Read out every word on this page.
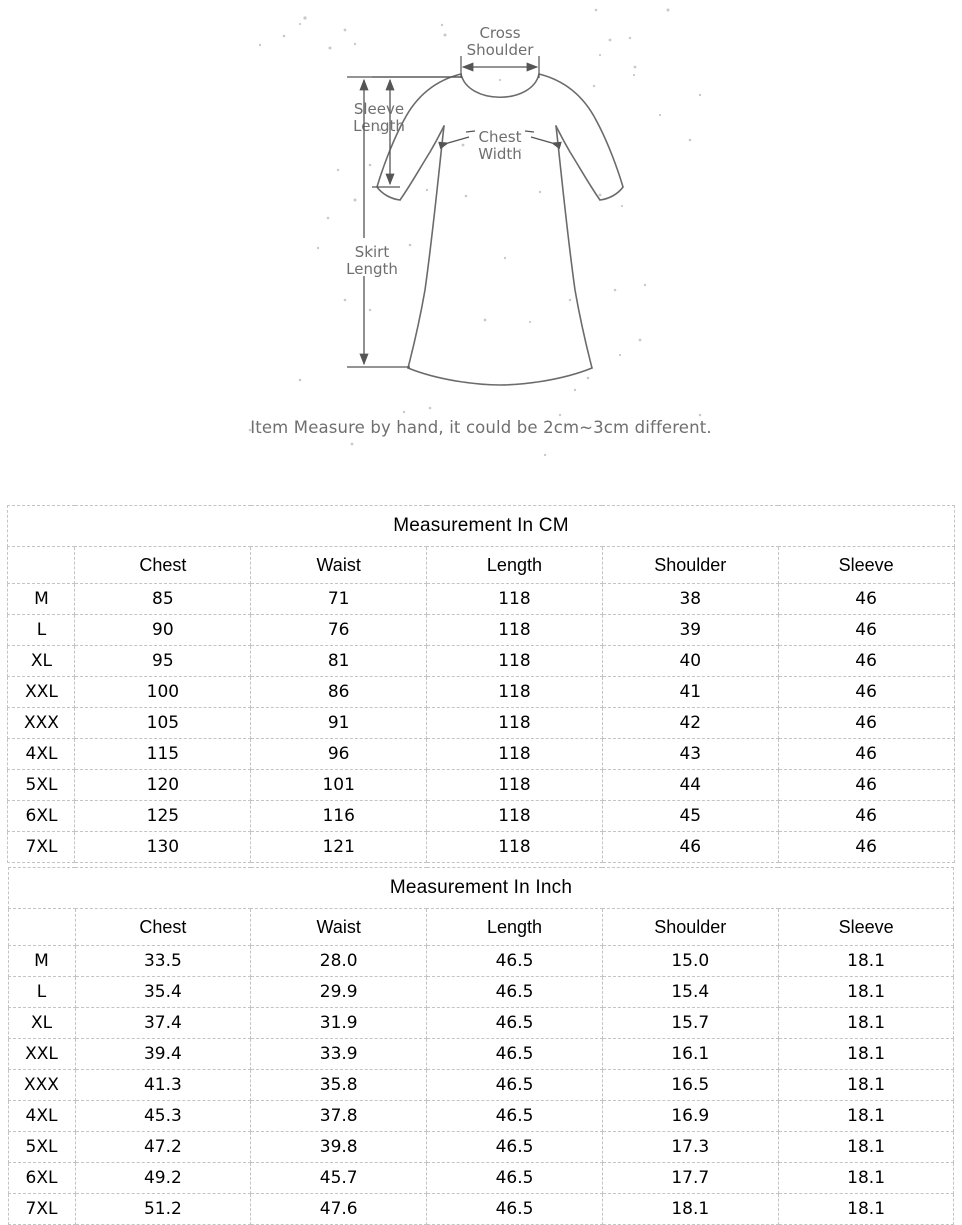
Cross
Shoulder
Sleeve
Length
Chest
Width
Skirt
Length
Item Measure by hand, it could be 2cm~3cm different.
Measurement In CM					
	Chest	Waist	Length	Shoulder	Sleeve
M	85	71	118	38	46
L	90	76	118	39	46
XL	95	81	118	40	46
XXL	100	86	118	41	46
XXX	105	91	118	42	46
4XL	115	96	118	43	46
5XL	120	101	118	44	46
6XL	125	116	118	45	46
7XL	130	121	118	46	46
Measurement In Inch					
	Chest	Waist	Length	Shoulder	Sleeve
M	33.5	28.0	46.5	15.0	18.1
L	35.4	29.9	46.5	15.4	18.1
XL	37.4	31.9	46.5	15.7	18.1
XXL	39.4	33.9	46.5	16.1	18.1
XXX	41.3	35.8	46.5	16.5	18.1
4XL	45.3	37.8	46.5	16.9	18.1
5XL	47.2	39.8	46.5	17.3	18.1
6XL	49.2	45.7	46.5	17.7	18.1
7XL	51.2	47.6	46.5	18.1	18.1
